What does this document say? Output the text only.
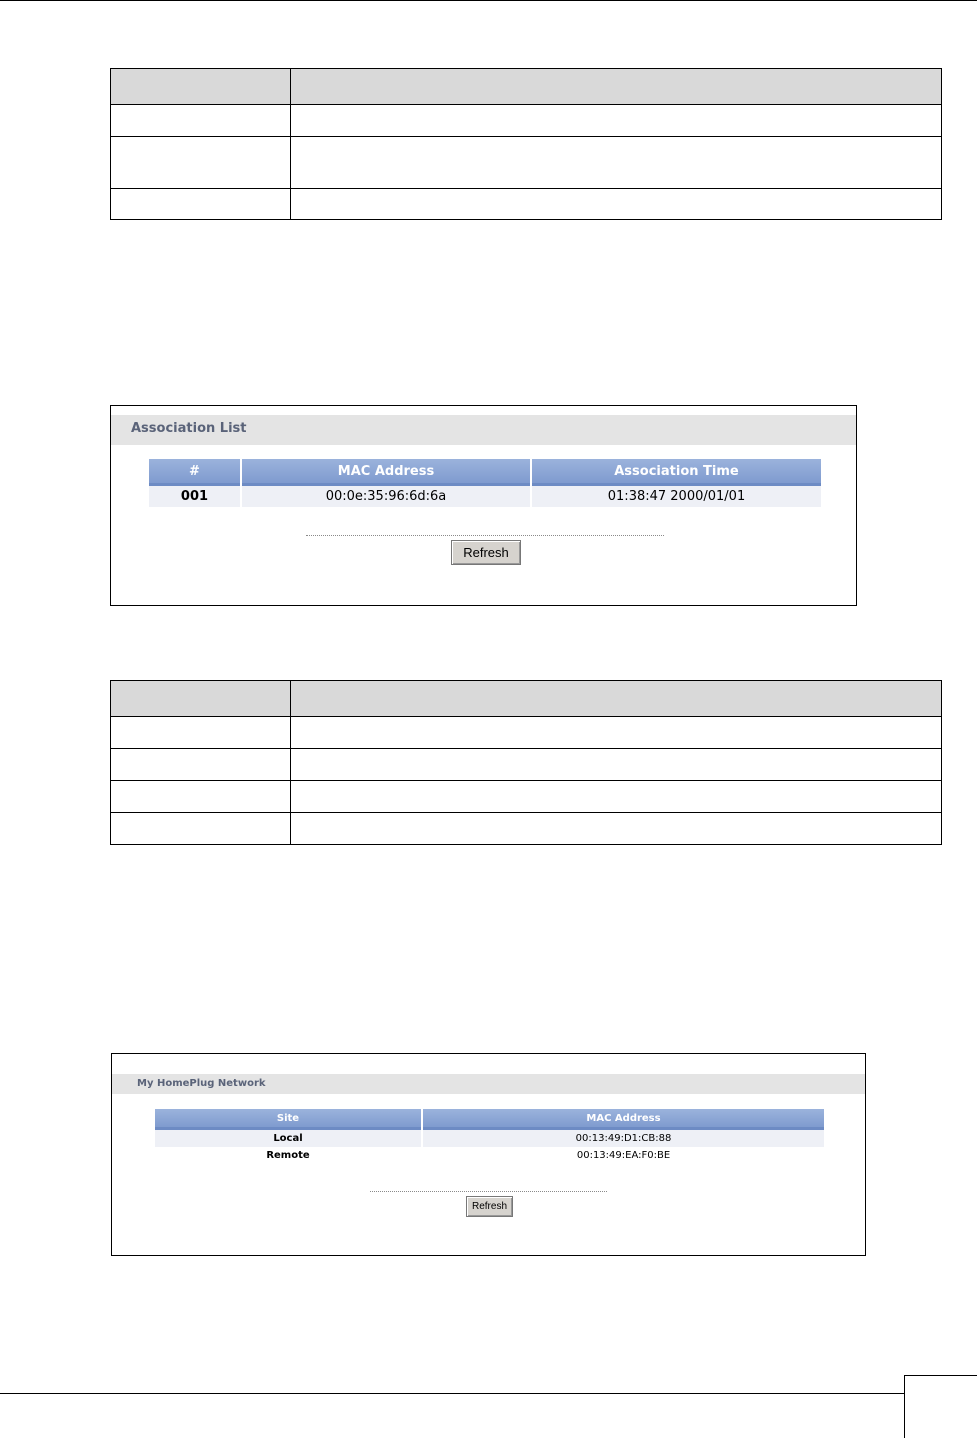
Association List
#	MAC Address	Association Time
001	00:0e:35:96:6d:6a	01:38:47 2000/01/01
Refresh

My HomePlug Network
Site	MAC Address
Local	00:13:49:D1:CB:88
Remote	00:13:49:EA:F0:BE
Refresh
